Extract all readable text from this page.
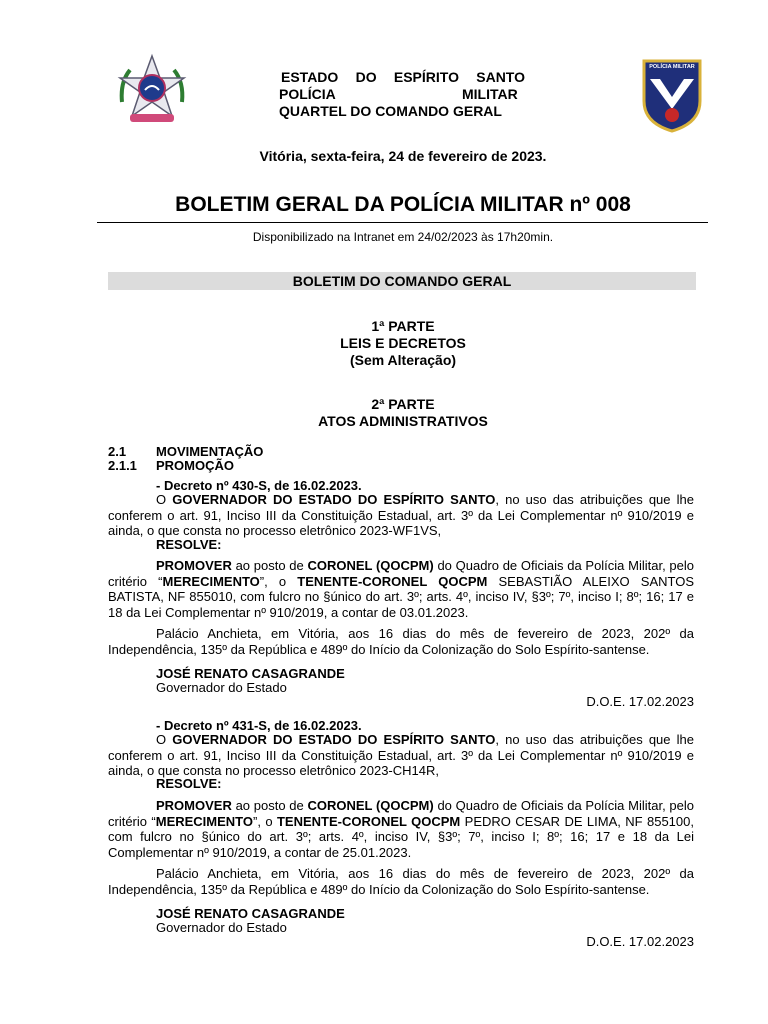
POLÍCIA MILITAR
ESTADO DO ESPÍRITO SANTO
POLÍCIA	MILITAR
QUARTEL DO COMANDO GERAL
Vitória, sexta-feira, 24 de fevereiro de 2023.
BOLETIM GERAL DA POLÍCIA MILITAR nº 008
Disponibilizado na Intranet em 24/02/2023 às 17h20min.
BOLETIM DO COMANDO GERAL
1ª PARTE
LEIS E DECRETOS
(Sem Alteração)
2ª PARTE
ATOS ADMINISTRATIVOS
2.1 MOVIMENTAÇÃO
2.1.1 PROMOÇÃO
- Decreto nº 430-S, de 16.02.2023.
O GOVERNADOR DO ESTADO DO ESPÍRITO SANTO, no uso das atribuições que lhe conferem o art. 91, Inciso III da Constituição Estadual, art. 3º da Lei Complementar nº 910/2019 e ainda, o que consta no processo eletrônico 2023-WF1VS,
RESOLVE:
PROMOVER ao posto de CORONEL (QOCPM) do Quadro de Oficiais da Polícia Militar, pelo critério “MERECIMENTO”, o TENENTE-CORONEL QOCPM SEBASTIÃO ALEIXO SANTOS BATISTA, NF 855010, com fulcro no §único do art. 3º; arts. 4º, inciso IV, §3º; 7º, inciso I; 8º; 16; 17 e 18 da Lei Complementar nº 910/2019, a contar de 03.01.2023.
Palácio Anchieta, em Vitória, aos 16 dias do mês de fevereiro de 2023, 202º da Independência, 135º da República e 489º do Início da Colonização do Solo Espírito-santense.
JOSÉ RENATO CASAGRANDE
Governador do Estado
D.O.E. 17.02.2023
- Decreto nº 431-S, de 16.02.2023.
O GOVERNADOR DO ESTADO DO ESPÍRITO SANTO, no uso das atribuições que lhe conferem o art. 91, Inciso III da Constituição Estadual, art. 3º da Lei Complementar nº 910/2019 e ainda, o que consta no processo eletrônico 2023-CH14R,
RESOLVE:
PROMOVER ao posto de CORONEL (QOCPM) do Quadro de Oficiais da Polícia Militar, pelo critério “MERECIMENTO”, o TENENTE-CORONEL QOCPM PEDRO CESAR DE LIMA, NF 855100, com fulcro no §único do art. 3º; arts. 4º, inciso IV, §3º; 7º, inciso I; 8º; 16; 17 e 18 da Lei Complementar nº 910/2019, a contar de 25.01.2023.
Palácio Anchieta, em Vitória, aos 16 dias do mês de fevereiro de 2023, 202º da Independência, 135º da República e 489º do Início da Colonização do Solo Espírito-santense.
JOSÉ RENATO CASAGRANDE
Governador do Estado
D.O.E. 17.02.2023
